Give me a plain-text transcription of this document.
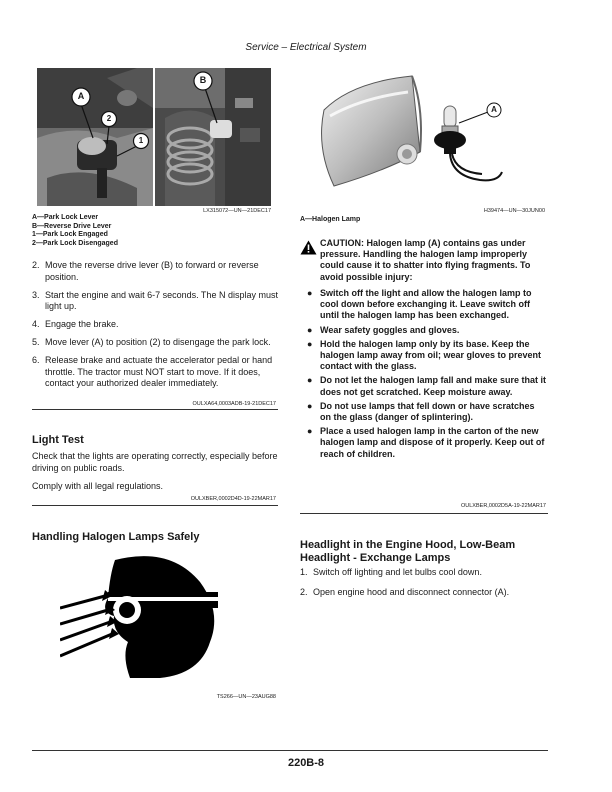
Service – Electrical System
A
2
1
B
LX315072—UN—21DEC17
A—Park Lock Lever
B—Reverse Drive Lever
1—Park Lock Engaged
2—Park Lock Disengaged
2. Move the reverse drive lever (B) to forward or reverse position.
3. Start the engine and wait 6-7 seconds. The N display must light up.
4. Engage the brake.
5. Move lever (A) to position (2) to disengage the park lock.
6. Release brake and actuate the accelerator pedal or hand throttle. The tractor must NOT start to move. If it does, contact your authorized dealer immediately.
OULXA64,0003ADB-19-21DEC17
Light Test
Check that the lights are operating correctly, especially before driving on public roads.
Comply with all legal regulations.
OULXBER,0002D4D-19-22MAR17
Handling Halogen Lamps Safely
TS266—UN—23AUG88
A
H39474—UN—30JUN00
A—Halogen Lamp
CAUTION: Halogen lamp (A) contains gas under pressure. Handling the halogen lamp improperly could cause it to shatter into flying fragments. To avoid possible injury:
● Switch off the light and allow the halogen lamp to cool down before exchanging it. Leave switch off until the halogen lamp has been exchanged.
● Wear safety goggles and gloves.
● Hold the halogen lamp only by its base. Keep the halogen lamp away from oil; wear gloves to prevent contact with the glass.
● Do not let the halogen lamp fall and make sure that it does not get scratched. Keep moisture away.
● Do not use lamps that fell down or have scratches on the glass (danger of splintering).
● Place a used halogen lamp in the carton of the new halogen lamp and dispose of it properly. Keep out of reach of children.
OULXBER,0002D5A-19-22MAR17
Headlight in the Engine Hood, Low-Beam
Headlight - Exchange Lamps
1. Switch off lighting and let bulbs cool down.
2. Open engine hood and disconnect connector (A).
220B-8
